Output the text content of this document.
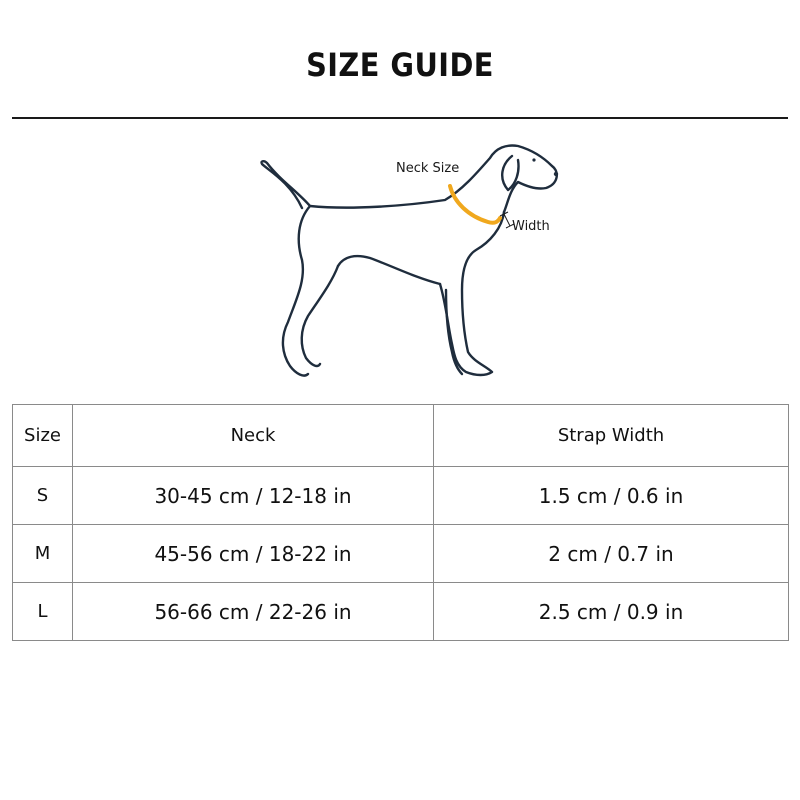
SIZE GUIDE
Neck Size
Width
Size	Neck	Strap Width
S	30-45 cm / 12-18 in	1.5 cm / 0.6 in
M	45-56 cm / 18-22 in	2 cm / 0.7 in
L	56-66 cm / 22-26 in	2.5 cm / 0.9 in
